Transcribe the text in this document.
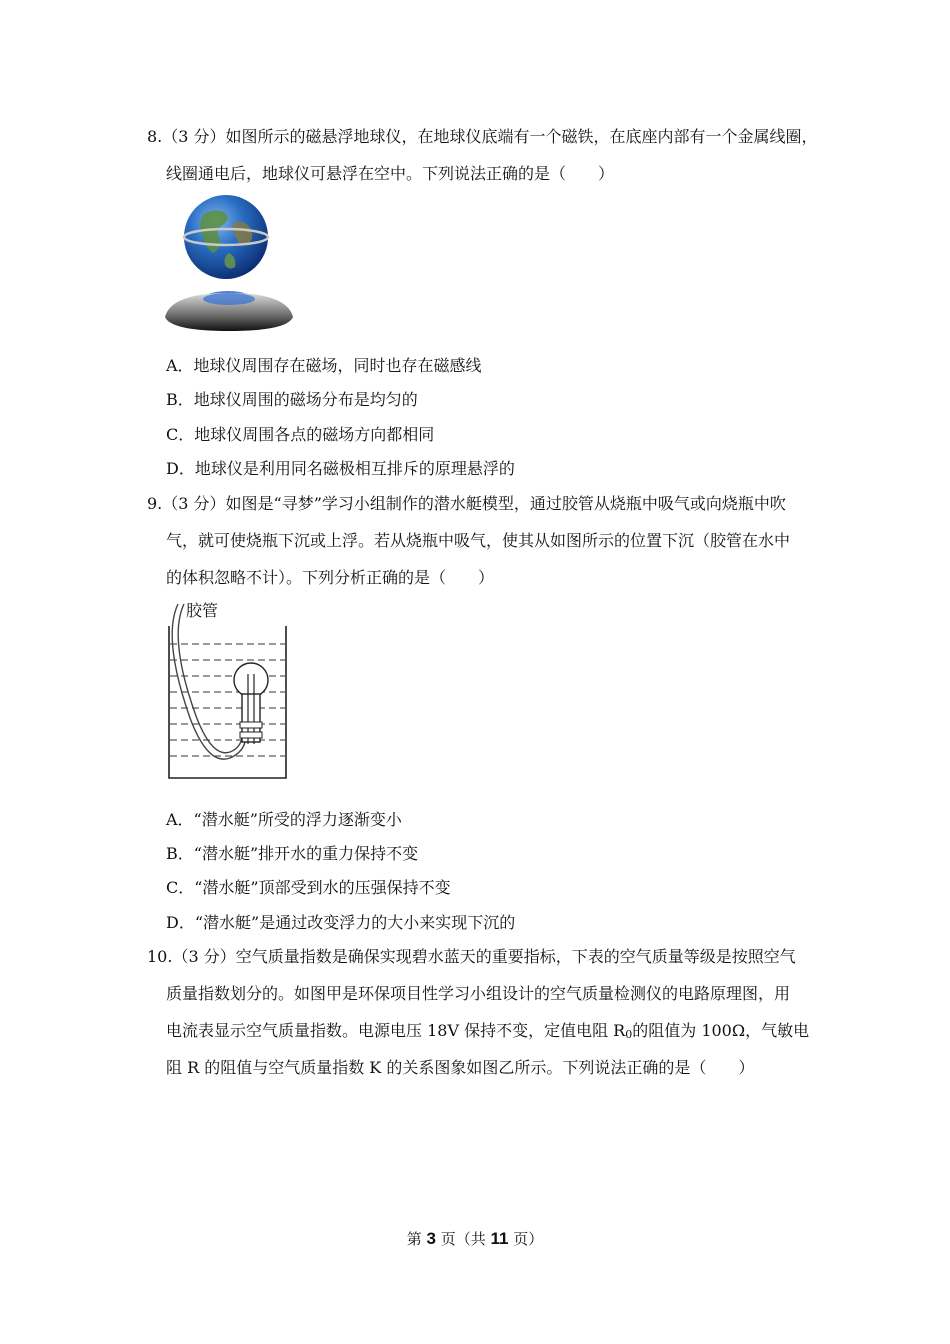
8.（3 分）如图所示的磁悬浮地球仪，在地球仪底端有一个磁铁，在底座内部有一个金属线圈，
线圈通电后，地球仪可悬浮在空中。下列说法正确的是（　　）
A．地球仪周围存在磁场，同时也存在磁感线
B．地球仪周围的磁场分布是均匀的
C．地球仪周围各点的磁场方向都相同
D．地球仪是利用同名磁极相互排斥的原理悬浮的
9.（3 分）如图是“寻梦”学习小组制作的潜水艇模型，通过胶管从烧瓶中吸气或向烧瓶中吹
气，就可使烧瓶下沉或上浮。若从烧瓶中吸气，使其从如图所示的位置下沉（胶管在水中
的体积忽略不计）。下列分析正确的是（　　）
胶管
A．“潜水艇”所受的浮力逐渐变小
B．“潜水艇”排开水的重力保持不变
C．“潜水艇”顶部受到水的压强保持不变
D．“潜水艇”是通过改变浮力的大小来实现下沉的
10.（3 分）空气质量指数是确保实现碧水蓝天的重要指标，下表的空气质量等级是按照空气
质量指数划分的。如图甲是环保项目性学习小组设计的空气质量检测仪的电路原理图，用
电流表显示空气质量指数。电源电压 18V 保持不变，定值电阻 $R_0$的阻值为 100Ω，气敏电
阻 R 的阻值与空气质量指数 K 的关系图象如图乙所示。下列说法正确的是（　　）
第 3 页（共 11 页）
